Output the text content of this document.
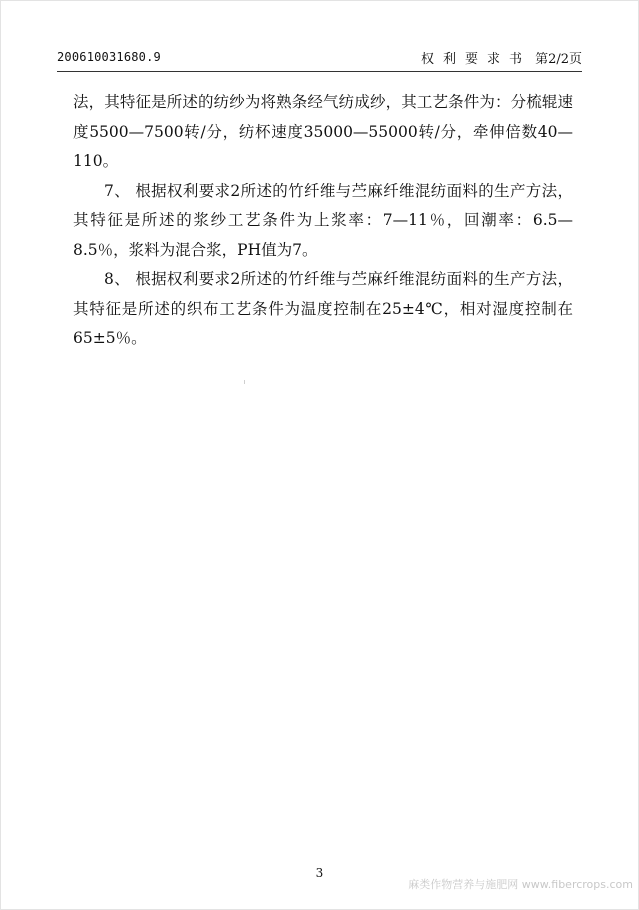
200610031680.9	权利要求书 第2/2页

法，其特征是所述的纺纱为将熟条经气纺成纱，其工艺条件为：分梳辊速度5500—7500转/分，纺杯速度35000—55000转/分，牵伸倍数40—110。

7、 根据权利要求2所述的竹纤维与苎麻纤维混纺面料的生产方法，其特征是所述的浆纱工艺条件为上浆率：7—11％，回潮率：6.5—8.5％，浆料为混合浆，PH值为7。

8、 根据权利要求2所述的竹纤维与苎麻纤维混纺面料的生产方法，其特征是所述的织布工艺条件为温度控制在25±4℃，相对湿度控制在65±5％。

3
麻类作物营养与施肥网 www.fibercrops.com
